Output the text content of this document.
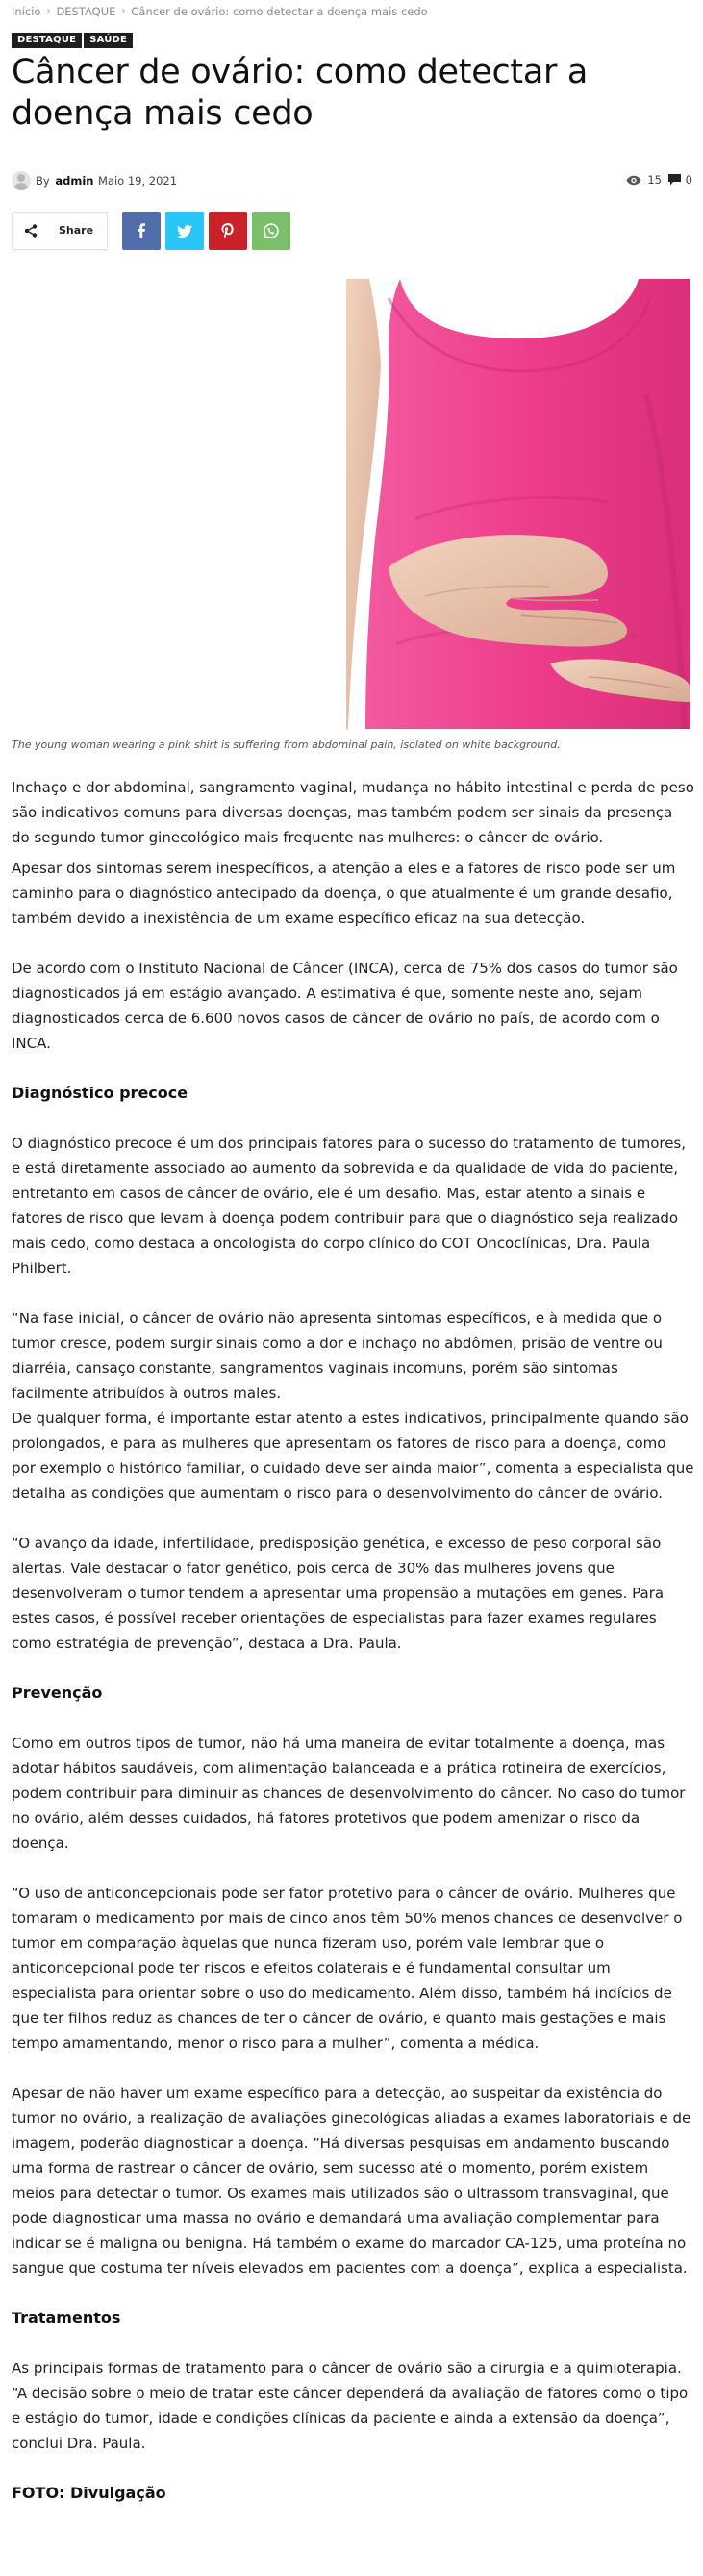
Início › DESTAQUE › Câncer de ovário: como detectar a doença mais cedo
DESTAQUE SAÚDE
Câncer de ovário: como detectar a doença mais cedo
By admin Maio 19, 2021	15	0
Share
The young woman wearing a pink shirt is suffering from abdominal pain, isolated on white background.

Inchaço e dor abdominal, sangramento vaginal, mudança no hábito intestinal e perda de peso são indicativos comuns para diversas doenças, mas também podem ser sinais da presença do segundo tumor ginecológico mais frequente nas mulheres: o câncer de ovário.

Apesar dos sintomas serem inespecíficos, a atenção a eles e a fatores de risco pode ser um caminho para o diagnóstico antecipado da doença, o que atualmente é um grande desafio, também devido a inexistência de um exame específico eficaz na sua detecção.

De acordo com o Instituto Nacional de Câncer (INCA), cerca de 75% dos casos do tumor são diagnosticados já em estágio avançado. A estimativa é que, somente neste ano, sejam diagnosticados cerca de 6.600 novos casos de câncer de ovário no país, de acordo com o INCA.

Diagnóstico precoce

O diagnóstico precoce é um dos principais fatores para o sucesso do tratamento de tumores, e está diretamente associado ao aumento da sobrevida e da qualidade de vida do paciente, entretanto em casos de câncer de ovário, ele é um desafio. Mas, estar atento a sinais e fatores de risco que levam à doença podem contribuir para que o diagnóstico seja realizado mais cedo, como destaca a oncologista do corpo clínico do COT Oncoclínicas, Dra. Paula Philbert.

“Na fase inicial, o câncer de ovário não apresenta sintomas específicos, e à medida que o tumor cresce, podem surgir sinais como a dor e inchaço no abdômen, prisão de ventre ou diarréia, cansaço constante, sangramentos vaginais incomuns, porém são sintomas facilmente atribuídos à outros males.

De qualquer forma, é importante estar atento a estes indicativos, principalmente quando são prolongados, e para as mulheres que apresentam os fatores de risco para a doença, como por exemplo o histórico familiar, o cuidado deve ser ainda maior”, comenta a especialista que detalha as condições que aumentam o risco para o desenvolvimento do câncer de ovário.

“O avanço da idade, infertilidade, predisposição genética, e excesso de peso corporal são alertas. Vale destacar o fator genético, pois cerca de 30% das mulheres jovens que desenvolveram o tumor tendem a apresentar uma propensão a mutações em genes. Para estes casos, é possível receber orientações de especialistas para fazer exames regulares como estratégia de prevenção”, destaca a Dra. Paula.

Prevenção

Como em outros tipos de tumor, não há uma maneira de evitar totalmente a doença, mas adotar hábitos saudáveis, com alimentação balanceada e a prática rotineira de exercícios, podem contribuir para diminuir as chances de desenvolvimento do câncer. No caso do tumor no ovário, além desses cuidados, há fatores protetivos que podem amenizar o risco da doença.

“O uso de anticoncepcionais pode ser fator protetivo para o câncer de ovário. Mulheres que tomaram o medicamento por mais de cinco anos têm 50% menos chances de desenvolver o tumor em comparação àquelas que nunca fizeram uso, porém vale lembrar que o anticoncepcional pode ter riscos e efeitos colaterais e é fundamental consultar um especialista para orientar sobre o uso do medicamento. Além disso, também há indícios de que ter filhos reduz as chances de ter o câncer de ovário, e quanto mais gestações e mais tempo amamentando, menor o risco para a mulher”, comenta a médica.

Apesar de não haver um exame específico para a detecção, ao suspeitar da existência do tumor no ovário, a realização de avaliações ginecológicas aliadas a exames laboratoriais e de imagem, poderão diagnosticar a doença. “Há diversas pesquisas em andamento buscando uma forma de rastrear o câncer de ovário, sem sucesso até o momento, porém existem meios para detectar o tumor. Os exames mais utilizados são o ultrassom transvaginal, que pode diagnosticar uma massa no ovário e demandará uma avaliação complementar para indicar se é maligna ou benigna. Há também o exame do marcador CA-125, uma proteína no sangue que costuma ter níveis elevados em pacientes com a doença”, explica a especialista.

Tratamentos

As principais formas de tratamento para o câncer de ovário são a cirurgia e a quimioterapia. “A decisão sobre o meio de tratar este câncer dependerá da avaliação de fatores como o tipo e estágio do tumor, idade e condições clínicas da paciente e ainda a extensão da doença”, conclui Dra. Paula.

FOTO: Divulgação
